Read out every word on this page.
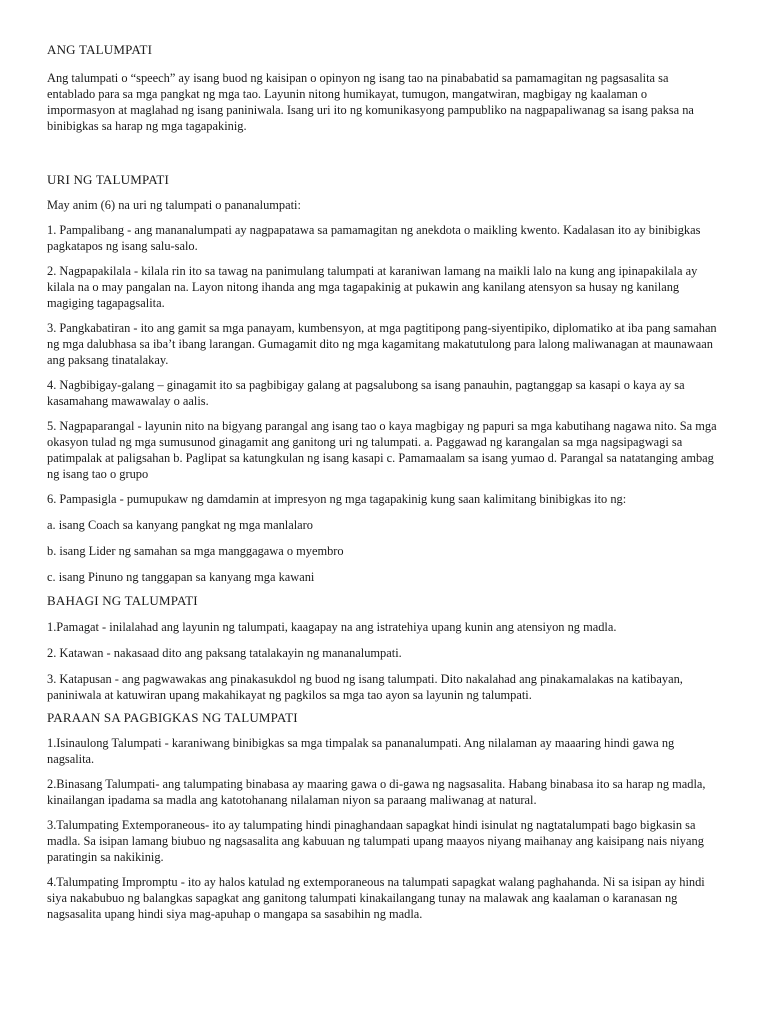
ANG TALUMPATI

Ang talumpati o “speech” ay isang buod ng kaisipan o opinyon ng isang tao na pinababatid sa pamamagitan ng pagsasalita sa entablado para sa mga pangkat ng mga tao. Layunin nitong humikayat, tumugon, mangatwiran, magbigay ng kaalaman o impormasyon at maglahad ng isang paniniwala. Isang uri ito ng komunikasyong pampubliko na nagpapaliwanag sa isang paksa na binibigkas sa harap ng mga tagapakinig.

URI NG TALUMPATI

May anim (6) na uri ng talumpati o pananalumpati:

1. Pampalibang - ang mananalumpati ay nagpapatawa sa pamamagitan ng anekdota o maikling kwento. Kadalasan ito ay binibigkas pagkatapos ng isang salu-salo.

2. Nagpapakilala - kilala rin ito sa tawag na panimulang talumpati at karaniwan lamang na maikli lalo na kung ang ipinapakilala ay kilala na o may pangalan na. Layon nitong ihanda ang mga tagapakinig at pukawin ang kanilang atensyon sa husay ng kanilang magiging tagapagsalita.

3. Pangkabatiran - ito ang gamit sa mga panayam, kumbensyon, at mga pagtitipong pang-siyentipiko, diplomatiko at iba pang samahan ng mga dalubhasa sa iba’t ibang larangan. Gumagamit dito ng mga kagamitang makatutulong para lalong maliwanagan at maunawaan ang paksang tinatalakay.

4. Nagbibigay-galang – ginagamit ito sa pagbibigay galang at pagsalubong sa isang panauhin, pagtanggap sa kasapi o kaya ay sa kasamahang mawawalay o aalis.

5. Nagpaparangal - layunin nito na bigyang parangal ang isang tao o kaya magbigay ng papuri sa mga kabutihang nagawa nito. Sa mga okasyon tulad ng mga sumusunod ginagamit ang ganitong uri ng talumpati. a. Paggawad ng karangalan sa mga nagsipagwagi sa patimpalak at paligsahan b. Paglipat sa katungkulan ng isang kasapi c. Pamamaalam sa isang yumao d. Parangal sa natatanging ambag ng isang tao o grupo

6. Pampasigla - pumupukaw ng damdamin at impresyon ng mga tagapakinig kung saan kalimitang binibigkas ito ng:

a. isang Coach sa kanyang pangkat ng mga manlalaro

b. isang Lider ng samahan sa mga manggagawa o myembro

c. isang Pinuno ng tanggapan sa kanyang mga kawani

BAHAGI NG TALUMPATI

1.Pamagat - inilalahad ang layunin ng talumpati, kaagapay na ang istratehiya upang kunin ang atensiyon ng madla.

2. Katawan - nakasaad dito ang paksang tatalakayin ng mananalumpati.

3. Katapusan - ang pagwawakas ang pinakasukdol ng buod ng isang talumpati. Dito nakalahad ang pinakamalakas na katibayan, paniniwala at katuwiran upang makahikayat ng pagkilos sa mga tao ayon sa layunin ng talumpati.

PARAAN SA PAGBIGKAS NG TALUMPATI

1.Isinaulong Talumpati - karaniwang binibigkas sa mga timpalak sa pananalumpati. Ang nilalaman ay maaaring hindi gawa ng nagsalita.

2.Binasang Talumpati- ang talumpating binabasa ay maaring gawa o di-gawa ng nagsasalita. Habang binabasa ito sa harap ng madla, kinailangan ipadama sa madla ang katotohanang nilalaman niyon sa paraang maliwanag at natural.

3.Talumpating Extemporaneous- ito ay talumpating hindi pinaghandaan sapagkat hindi isinulat ng nagtatalumpati bago bigkasin sa madla. Sa isipan lamang biubuo ng nagsasalita ang kabuuan ng talumpati upang maayos niyang maihanay ang kaisipang nais niyang paratingin sa nakikinig.

4.Talumpating Impromptu - ito ay halos katulad ng extemporaneous na talumpati sapagkat walang paghahanda. Ni sa isipan ay hindi siya nakabubuo ng balangkas sapagkat ang ganitong talumpati kinakailangang tunay na malawak ang kaalaman o karanasan ng nagsasalita upang hindi siya mag-apuhap o mangapa sa sasabihin ng madla.
